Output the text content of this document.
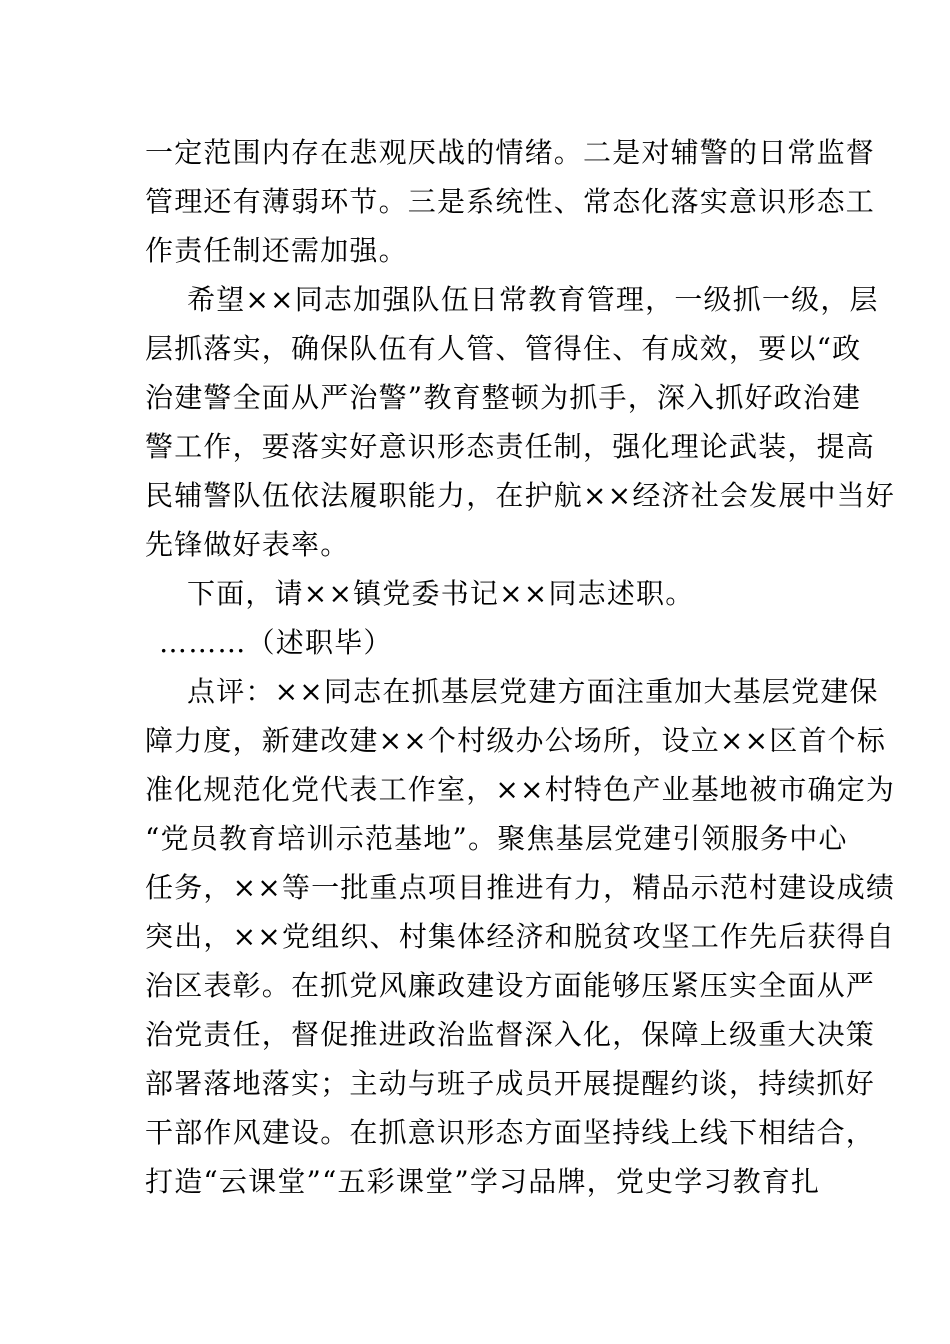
一定范围内存在悲观厌战的情绪。二是对辅警的日常监督
管理还有薄弱环节。三是系统性、常态化落实意识形态工
作责任制还需加强。
希望××同志加强队伍日常教育管理，一级抓一级，层
层抓落实，确保队伍有人管、管得住、有成效，要以“政
治建警全面从严治警”教育整顿为抓手，深入抓好政治建
警工作，要落实好意识形态责任制，强化理论武装，提高
民辅警队伍依法履职能力，在护航××经济社会发展中当好
先锋做好表率。
下面，请××镇党委书记××同志述职。
………（述职毕）
点评：××同志在抓基层党建方面注重加大基层党建保
障力度，新建改建××个村级办公场所，设立××区首个标
准化规范化党代表工作室，××村特色产业基地被市确定为
“党员教育培训示范基地”。聚焦基层党建引领服务中心
任务，××等一批重点项目推进有力，精品示范村建设成绩
突出，××党组织、村集体经济和脱贫攻坚工作先后获得自
治区表彰。在抓党风廉政建设方面能够压紧压实全面从严
治党责任，督促推进政治监督深入化，保障上级重大决策
部署落地落实；主动与班子成员开展提醒约谈，持续抓好
干部作风建设。在抓意识形态方面坚持线上线下相结合，
打造“云课堂”“五彩课堂”学习品牌，党史学习教育扎
